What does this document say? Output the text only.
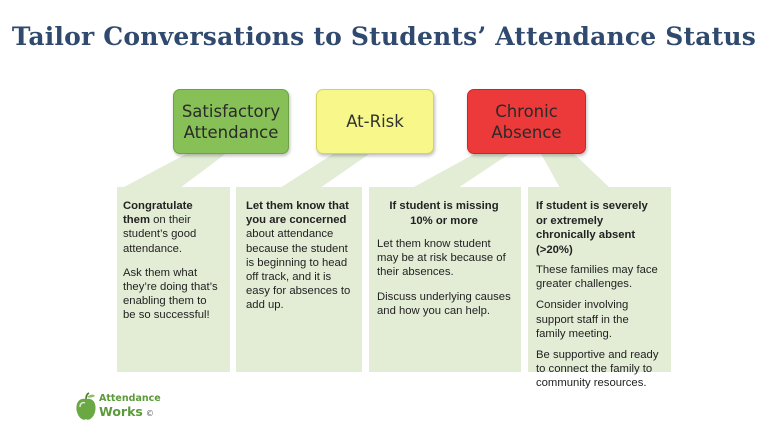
Tailor Conversations to Students’ Attendance Status
Satisfactory
Attendance
At-Risk
Chronic
Absence

Congratulate them on their student’s good attendance.

Ask them what they’re doing that’s enabling them to be so successful!

Let them know that you are concerned about attendance because the student is beginning to head off track, and it is easy for absences to add up.

If student is missing 10% or more

Let them know student may be at risk because of their absences.

Discuss underlying causes and how you can help.

If student is severely or extremely chronically absent (>20%)

These families may face greater challenges.

Consider involving support staff in the family meeting.

Be supportive and ready to connect the family to community resources.

Attendance
Works ©
